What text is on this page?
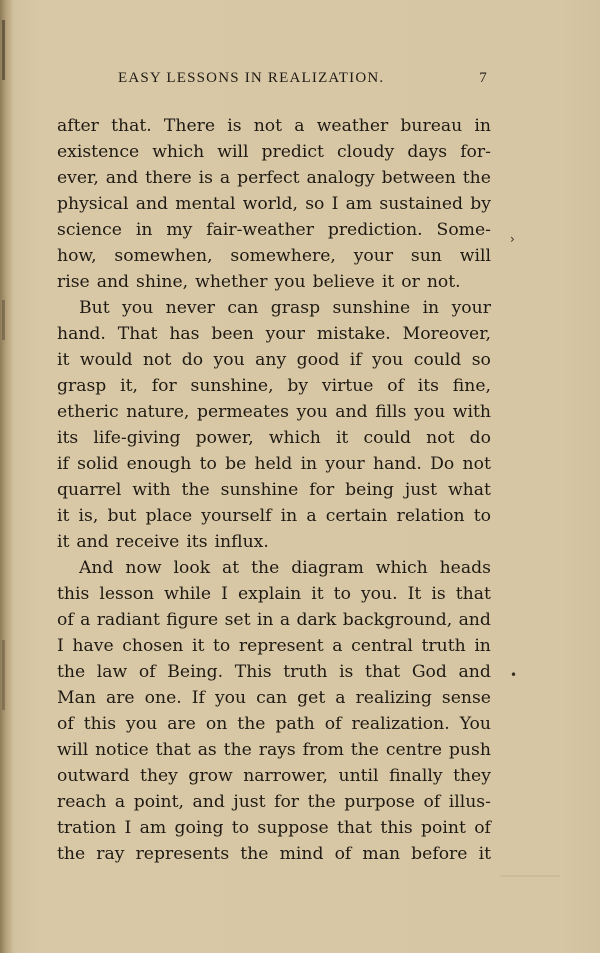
EASY LESSONS IN REALIZATION.	7
after that. There is not a weather bureau in
existence which will predict cloudy days for-
ever, and there is a perfect analogy between the
physical and mental world, so I am sustained by
science in my fair-weather prediction. Some-
how, somewhen, somewhere, your sun will
rise and shine, whether you believe it or not.
But you never can grasp sunshine in your
hand. That has been your mistake. Moreover,
it would not do you any good if you could so
grasp it, for sunshine, by virtue of its fine,
etheric nature, permeates you and fills you with
its life-giving power, which it could not do
if solid enough to be held in your hand. Do not
quarrel with the sunshine for being just what
it is, but place yourself in a certain relation to
it and receive its influx.
And now look at the diagram which heads
this lesson while I explain it to you. It is that
of a radiant figure set in a dark background, and
I have chosen it to represent a central truth in
the law of Being. This truth is that God and
Man are one. If you can get a realizing sense
of this you are on the path of realization. You
will notice that as the rays from the centre push
outward they grow narrower, until finally they
reach a point, and just for the purpose of illus-
tration I am going to suppose that this point of
the ray represents the mind of man before it
›
•
